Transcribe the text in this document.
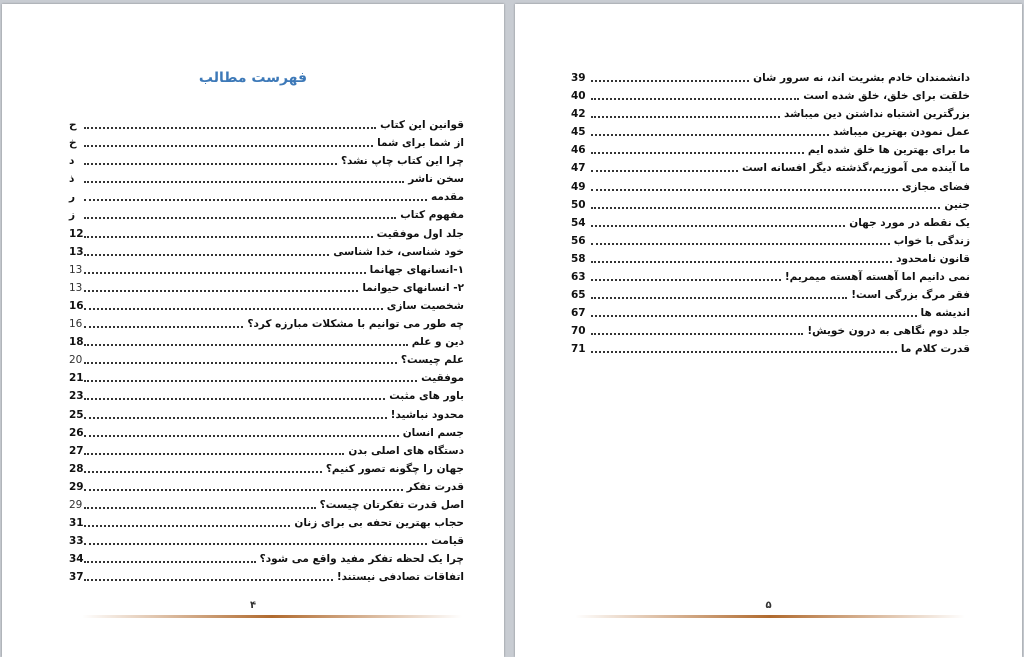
فهرست مطالب
ح	قوانین این کتاب
خ	از شما برای شما
د	چرا این کتاب چاپ نشد؟
ذ	سخن ناشر
ر	مقدمه
ز	مفهوم کتاب
12	جلد اول موفقیت
13	خود شناسی، خدا شناسی
13	۱-انسانهای جهانما
13	۲- انسانهای حیوانما
16	شخصیت سازی
16	چه طور می توانیم با مشکلات مبارزه کرد؟
18	دین و علم
20	علم چیست؟
21	موفقیت
23	باور های مثبت
25	محدود نباشید!
26	جسم انسان
27	دستگاه های اصلی بدن
28	جهان را چگونه تصور کنیم؟
29	قدرت تفکر
29	اصل قدرت تفکرتان چیست؟
31	حجاب بهترین تحفه بی برای زنان
33	قیامت
34	چرا یک لحظه تفکر مفید واقع می شود؟
37	اتفاقات تصادفی نیستند!
۴
39	دانشمندان خادم بشریت اند، نه سرور شان
40	خلقت برای خلق، خلق شده است
42	بزرگترین اشتباه نداشتن دین میباشد
45	عمل نمودن بهترین میباشد
46	ما برای بهترین ها خلق شده ایم
47	ما آینده می آموزیم،گذشته دیگر افسانه است
49	فضای مجازی
50	جنین
54	یک نقطه در مورد جهان
56	زندگی با خواب
58	قانون نامحدود
63	نمی دانیم اما آهسته آهسته میمریم!
65	فقر مرگ بزرگی است!
67	اندیشه ها
70	جلد دوم نگاهی به درون خویش!
71	قدرت کلام ما
۵
